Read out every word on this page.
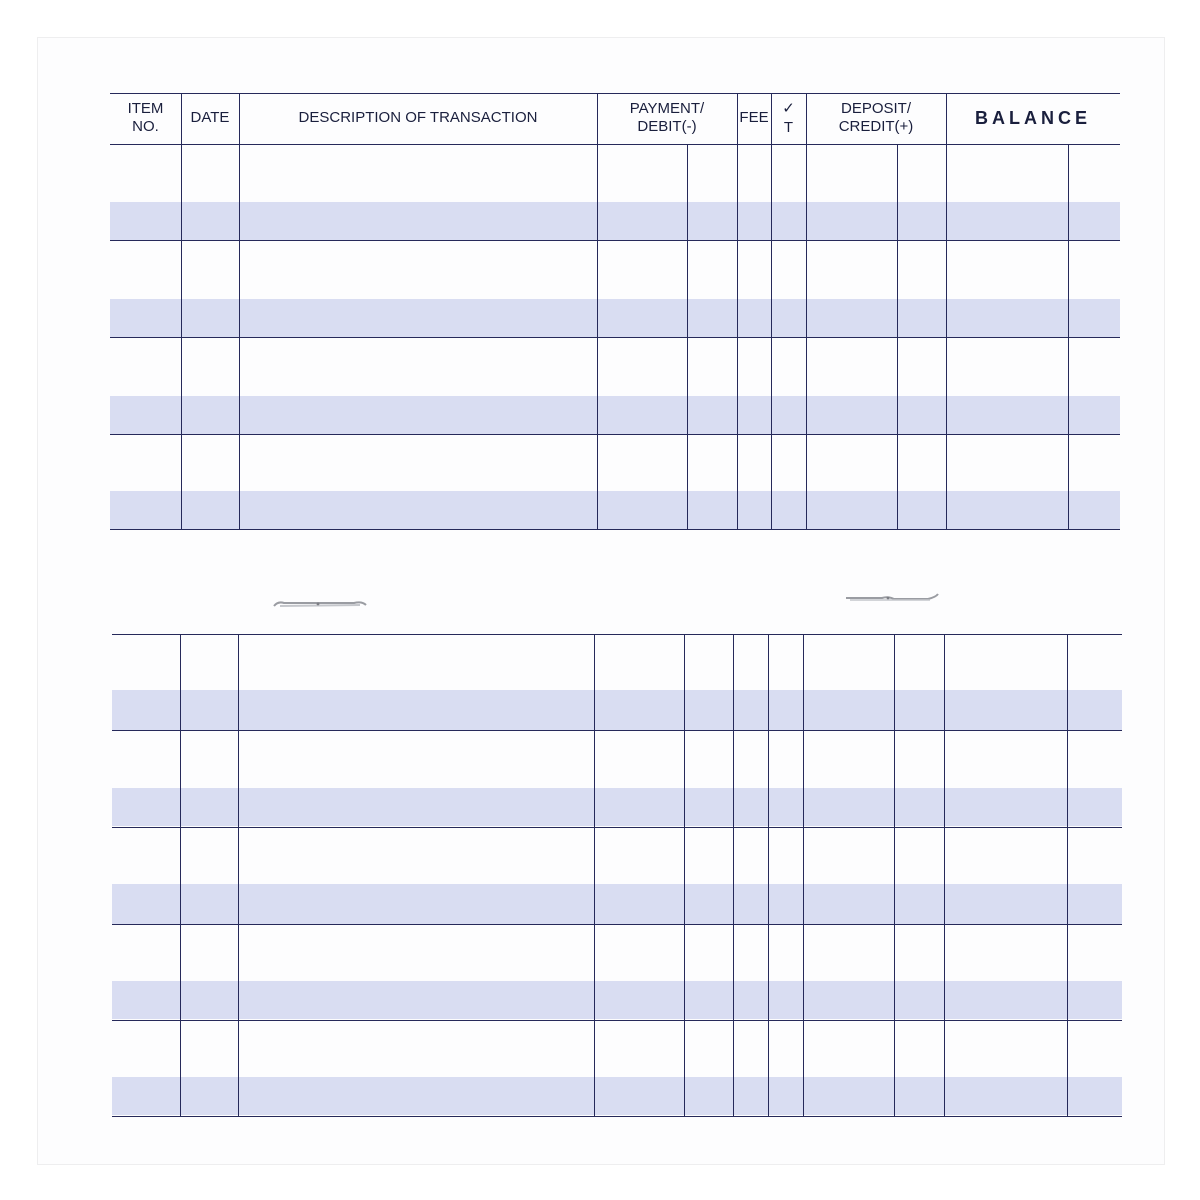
ITEM
NO.
DATE	DESCRIPTION OF TRANSACTION
PAYMENT/
DEBIT(-)
FEE
✓
T
DEPOSIT/
CREDIT(+)	BALANCE
